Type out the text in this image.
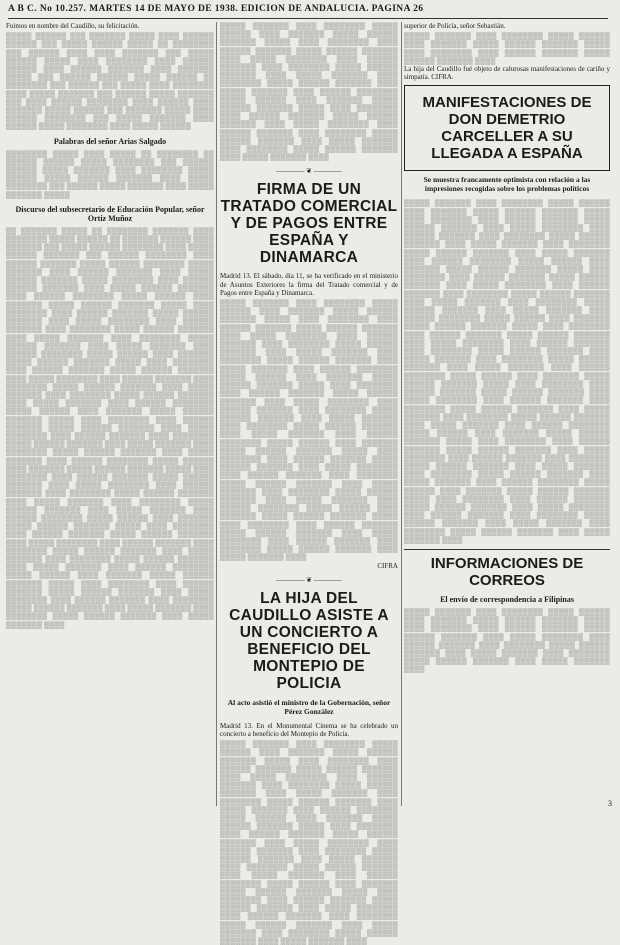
A B C. No 10.257. MARTES 14 DE MAYO DE 1938. EDICION DE ANDALUCIA. PAGINA 26

Fuimos en nombre del Caudillo, su felicitación.

▒▒▒▒▒ ▒▒▒▒▒▒ ▒▒▒ ▒▒▒▒▒▒▒ ▒▒▒▒▒ ▒▒▒▒ ▒▒▒▒▒▒ ▒▒▒▒▒▒ ▒▒▒ ▒▒▒▒▒ ▒▒▒▒▒▒ ▒▒▒▒▒ ▒▒ ▒▒▒▒▒▒▒▒ ▒▒▒ ▒▒▒▒▒▒ ▒▒▒▒ ▒▒▒▒ ▒▒▒▒▒▒▒ ▒▒▒ ▒▒▒▒▒ ▒▒▒▒▒▒ ▒▒▒▒▒ ▒▒▒▒ ▒▒▒▒▒▒▒▒ ▒▒▒▒ ▒▒▒▒▒▒ ▒▒▒▒▒▒ ▒▒▒▒ ▒▒▒▒▒▒ ▒▒▒▒▒▒▒ ▒▒▒▒ ▒▒▒▒▒▒▒ ▒▒▒▒▒ ▒▒▒ ▒▒▒▒▒▒ ▒▒▒▒▒▒ ▒▒▒▒▒ ▒▒▒▒▒▒ ▒▒ ▒▒▒▒▒▒▒▒ ▒▒▒ ▒▒▒▒▒▒ ▒▒▒ ▒▒▒▒▒ ▒▒▒▒ ▒▒▒▒▒▒▒▒ ▒▒▒▒ ▒▒▒▒▒ ▒▒▒▒▒▒▒ ▒▒▒ ▒▒▒▒▒▒ ▒▒▒▒▒ ▒▒▒▒▒▒▒ ▒▒▒ ▒▒▒▒ ▒▒▒▒▒▒ ▒▒▒▒▒▒▒▒ ▒▒▒▒ ▒▒▒▒▒▒ ▒▒▒▒ ▒▒▒▒▒▒▒ ▒▒▒▒▒ ▒▒▒▒▒▒ ▒▒▒ ▒▒▒▒▒▒▒ ▒▒▒▒▒ ▒▒▒▒ ▒▒▒▒▒▒ ▒▒▒▒▒▒▒▒ ▒▒▒ ▒▒▒▒▒ ▒▒▒▒▒▒▒ ▒▒▒▒ ▒▒▒▒▒▒ ▒▒▒▒▒ ▒▒▒▒▒▒▒▒ ▒▒▒▒ ▒▒▒▒▒ ▒▒▒▒▒▒
Palabras del señor Arias Salgado
▒▒▒▒▒▒▒▒ ▒▒▒▒▒ ▒▒▒▒ ▒▒▒▒▒ ▒▒ ▒▒▒▒▒▒▒▒ ▒▒ ▒▒▒▒▒▒ ▒▒▒▒▒▒ ▒▒▒▒▒ ▒▒▒▒▒▒▒▒ ▒▒▒ ▒▒▒▒▒▒ ▒▒▒▒▒▒ ▒▒▒▒▒ ▒▒▒▒▒▒▒ ▒▒▒▒ ▒▒▒▒▒▒▒▒ ▒▒▒▒▒ ▒▒▒▒▒▒ ▒▒▒▒▒ ▒▒▒▒▒▒ ▒▒▒▒▒▒▒ ▒▒▒▒ ▒▒▒▒▒ ▒▒▒▒▒▒▒▒ ▒▒▒ ▒▒▒▒▒▒ ▒▒▒▒▒ ▒▒▒▒▒▒▒ ▒▒▒▒ ▒▒▒▒▒ ▒▒▒▒▒▒▒ ▒▒▒▒▒
Discurso del subsecretario de Educación Popular, señor Ortiz Muñoz
▒▒ ▒▒▒▒▒▒▒ ▒▒▒▒▒ ▒▒ ▒▒▒▒▒▒▒▒ ▒▒▒▒▒▒▒ ▒▒▒▒ ▒▒▒▒▒▒▒▒ ▒▒▒▒▒ ▒▒▒▒▒▒ ▒▒ ▒▒▒▒▒▒▒ ▒▒▒▒▒▒ ▒▒▒▒ ▒▒▒▒▒▒▒ ▒▒▒ ▒▒▒▒▒ ▒▒▒▒▒▒ ▒▒▒▒▒▒▒▒ ▒▒▒▒ ▒▒▒▒▒ ▒▒▒▒▒▒ ▒▒▒▒▒▒▒ ▒▒▒ ▒▒▒▒▒▒ ▒▒▒▒▒▒▒▒ ▒▒▒▒ ▒▒▒▒▒▒ ▒▒▒▒▒▒▒ ▒▒▒▒▒ ▒▒▒▒▒▒ ▒▒▒▒▒▒▒▒ ▒▒▒▒▒ ▒▒▒▒▒▒▒ ▒▒▒▒ ▒▒▒▒▒▒ ▒▒▒▒▒▒▒ ▒▒▒▒ ▒▒▒▒▒ ▒▒▒▒▒▒ ▒▒▒▒▒▒▒ ▒▒▒▒▒ ▒▒▒▒▒▒▒▒ ▒▒▒▒ ▒▒▒▒▒▒ ▒▒▒▒▒▒ ▒▒▒▒▒▒▒ ▒▒▒▒ ▒▒▒▒▒ ▒▒▒▒▒▒ ▒▒▒▒▒▒▒ ▒▒▒▒ ▒▒▒▒▒▒ ▒▒▒▒▒▒▒▒ ▒▒▒▒▒ ▒▒▒▒▒▒ ▒▒▒▒ ▒▒▒▒▒▒▒ ▒▒▒▒▒ ▒▒▒▒▒▒ ▒▒▒▒▒▒▒ ▒▒▒▒▒ ▒▒▒▒ ▒▒▒▒▒▒▒▒ ▒▒▒▒ ▒▒▒▒▒▒ ▒▒▒▒▒▒▒ ▒▒▒▒▒ ▒▒▒▒▒▒ ▒▒▒▒▒▒▒ ▒▒▒▒ ▒▒▒▒▒ ▒▒▒▒▒▒▒▒ ▒▒▒▒ ▒▒▒▒▒▒ ▒▒▒▒▒▒▒ ▒▒▒▒ ▒▒▒▒▒▒▒▒ ▒▒▒▒▒ ▒▒▒▒▒▒ ▒▒▒▒▒▒▒ ▒▒▒▒ ▒▒▒▒▒ ▒▒▒▒▒▒▒ ▒▒▒▒ ▒▒▒▒▒▒▒▒ ▒▒▒▒▒ ▒▒▒▒▒▒ ▒▒▒▒▒▒▒ ▒▒▒▒ ▒▒▒▒▒ ▒▒▒▒▒▒▒ ▒▒▒▒ ▒▒▒▒▒▒ ▒▒▒▒▒▒▒▒ ▒▒▒▒▒ ▒▒▒▒▒▒ ▒▒▒▒ ▒▒▒▒▒▒▒ ▒▒▒▒▒ ▒▒▒▒▒▒ ▒▒▒▒▒▒▒ ▒▒▒▒▒ ▒▒▒▒ ▒▒▒▒▒▒▒▒ ▒▒▒▒ ▒▒▒▒▒▒ ▒▒▒▒▒▒▒ ▒▒▒▒▒ ▒▒▒▒▒▒ ▒▒▒▒▒▒▒ ▒▒▒▒ ▒▒▒▒▒ ▒▒▒▒▒▒▒▒ ▒▒▒▒ ▒▒▒▒▒▒ ▒▒▒▒▒▒▒ ▒▒▒▒ ▒▒▒▒▒▒▒▒ ▒▒▒▒▒ ▒▒▒▒▒▒ ▒▒▒▒▒▒▒ ▒▒▒▒ ▒▒▒▒▒ ▒▒▒▒▒▒▒ ▒▒▒▒ ▒▒▒▒▒▒▒▒ ▒▒▒▒▒ ▒▒▒▒▒▒ ▒▒▒▒▒▒▒ ▒▒▒▒ ▒▒▒▒▒ ▒▒▒▒▒▒▒ ▒▒▒▒ ▒▒▒▒▒▒ ▒▒▒▒▒▒▒▒ ▒▒▒▒▒ ▒▒▒▒▒▒ ▒▒▒▒ ▒▒▒▒▒▒▒ ▒▒▒▒▒ ▒▒▒▒▒▒ ▒▒▒▒▒▒▒ ▒▒▒▒▒ ▒▒▒▒ ▒▒▒▒▒▒▒▒ ▒▒▒▒ ▒▒▒▒▒▒ ▒▒▒▒▒▒▒ ▒▒▒▒▒ ▒▒▒▒▒▒ ▒▒▒▒▒▒▒ ▒▒▒▒ ▒▒▒▒▒ ▒▒▒▒▒▒▒▒ ▒▒▒▒ ▒▒▒▒▒▒ ▒▒▒▒▒▒▒ ▒▒▒▒ ▒▒▒▒▒▒▒▒ ▒▒▒▒▒ ▒▒▒▒▒▒ ▒▒▒▒▒▒▒ ▒▒▒▒ ▒▒▒▒▒ ▒▒▒▒▒▒▒ ▒▒▒▒ ▒▒▒▒▒▒▒▒ ▒▒▒▒▒ ▒▒▒▒▒▒ ▒▒▒▒▒▒▒ ▒▒▒▒ ▒▒▒▒▒ ▒▒▒▒▒▒▒ ▒▒▒▒ ▒▒▒▒▒▒ ▒▒▒▒▒▒▒▒ ▒▒▒▒▒ ▒▒▒▒▒▒ ▒▒▒▒ ▒▒▒▒▒▒▒ ▒▒▒▒▒ ▒▒▒▒▒▒ ▒▒▒▒▒▒▒ ▒▒▒▒▒ ▒▒▒▒ ▒▒▒▒▒▒▒▒ ▒▒▒▒ ▒▒▒▒▒▒ ▒▒▒▒▒▒▒ ▒▒▒▒▒ ▒▒▒▒▒▒ ▒▒▒▒▒▒▒ ▒▒▒▒ ▒▒▒▒▒ ▒▒▒▒▒▒▒▒ ▒▒▒▒ ▒▒▒▒▒▒ ▒▒▒▒▒▒▒ ▒▒▒▒ ▒▒▒▒▒▒▒▒ ▒▒▒▒▒ ▒▒▒▒▒▒ ▒▒▒▒▒▒▒ ▒▒▒▒ ▒▒▒▒▒ ▒▒▒▒▒▒▒ ▒▒▒▒ ▒▒▒▒▒▒▒▒ ▒▒▒▒▒ ▒▒▒▒▒▒ ▒▒▒▒▒▒▒ ▒▒▒▒ ▒▒▒▒▒ ▒▒▒▒▒▒▒ ▒▒▒▒ ▒▒▒▒▒▒ ▒▒▒▒▒▒▒▒ ▒▒▒▒▒ ▒▒▒▒▒▒ ▒▒▒▒ ▒▒▒▒▒▒▒ ▒▒▒▒▒ ▒▒▒▒▒▒ ▒▒▒▒▒▒▒ ▒▒▒▒▒ ▒▒▒▒ ▒▒▒▒▒▒▒▒ ▒▒▒▒ ▒▒▒▒▒▒ ▒▒▒▒▒▒▒ ▒▒▒▒▒ ▒▒▒▒▒▒ ▒▒▒▒▒▒▒ ▒▒▒▒ ▒▒▒▒▒ ▒▒▒▒▒▒▒▒ ▒▒▒▒ ▒▒▒▒▒▒ ▒▒▒▒▒▒▒ ▒▒▒▒ ▒▒▒▒▒▒▒▒ ▒▒▒▒▒ ▒▒▒▒▒▒ ▒▒▒▒▒▒▒ ▒▒▒▒ ▒▒▒▒▒ ▒▒▒▒▒▒▒ ▒▒▒▒ ▒▒▒▒▒▒▒▒ ▒▒▒▒▒ ▒▒▒▒▒▒ ▒▒▒▒▒▒▒ ▒▒▒▒ ▒▒▒▒▒ ▒▒▒▒▒▒▒ ▒▒▒▒ ▒▒▒▒▒▒ ▒▒▒▒▒▒▒▒ ▒▒▒▒▒ ▒▒▒▒▒▒ ▒▒▒▒ ▒▒▒▒▒▒▒ ▒▒▒▒▒ ▒▒▒▒▒▒ ▒▒▒▒▒▒▒ ▒▒▒▒▒ ▒▒▒▒ ▒▒▒▒▒▒▒▒ ▒▒▒▒ ▒▒▒▒▒▒ ▒▒▒▒▒▒▒ ▒▒▒▒▒ ▒▒▒▒▒▒ ▒▒▒▒▒▒▒ ▒▒▒▒ ▒▒▒▒▒ ▒▒▒▒▒▒▒▒ ▒▒▒▒ ▒▒▒▒▒▒ ▒▒▒▒▒▒▒ ▒▒▒▒ ▒▒▒▒▒▒▒▒ ▒▒▒▒▒ ▒▒▒▒▒▒ ▒▒▒▒▒▒▒ ▒▒▒▒ ▒▒▒▒▒ ▒▒▒▒▒▒▒ ▒▒▒▒ ▒▒▒▒▒▒▒▒ ▒▒▒▒▒ ▒▒▒▒▒▒ ▒▒▒▒▒▒▒ ▒▒▒▒ ▒▒▒▒▒ ▒▒▒▒▒▒▒ ▒▒▒▒
▒▒▒▒▒ ▒▒▒▒▒▒▒ ▒▒▒▒ ▒▒▒▒▒▒▒▒ ▒▒▒▒▒ ▒▒▒▒▒▒ ▒▒▒▒ ▒▒▒▒▒▒▒ ▒▒▒▒▒ ▒▒▒▒▒▒ ▒▒▒▒▒▒▒ ▒▒▒▒▒ ▒▒▒▒ ▒▒▒▒▒▒▒▒ ▒▒▒▒ ▒▒▒▒▒▒ ▒▒▒▒▒▒▒ ▒▒▒▒▒ ▒▒▒▒▒▒ ▒▒▒▒▒▒▒ ▒▒▒▒ ▒▒▒▒▒ ▒▒▒▒▒▒▒▒ ▒▒▒▒ ▒▒▒▒▒▒ ▒▒▒▒▒▒▒ ▒▒▒▒ ▒▒▒▒▒▒▒▒ ▒▒▒▒▒ ▒▒▒▒▒▒ ▒▒▒▒▒▒▒ ▒▒▒▒ ▒▒▒▒▒ ▒▒▒▒▒▒▒ ▒▒▒▒ ▒▒▒▒▒▒▒▒ ▒▒▒▒▒ ▒▒▒▒▒▒ ▒▒▒▒▒▒▒ ▒▒▒▒ ▒▒▒▒▒ ▒▒▒▒▒▒▒ ▒▒▒▒ ▒▒▒▒▒▒ ▒▒▒▒▒▒▒▒ ▒▒▒▒▒ ▒▒▒▒▒▒ ▒▒▒▒ ▒▒▒▒▒▒▒ ▒▒▒▒▒ ▒▒▒▒▒▒ ▒▒▒▒▒▒▒ ▒▒▒▒▒ ▒▒▒▒ ▒▒▒▒▒▒▒▒ ▒▒▒▒ ▒▒▒▒▒▒ ▒▒▒▒▒▒▒ ▒▒▒▒▒ ▒▒▒▒▒▒ ▒▒▒▒▒▒▒ ▒▒▒▒ ▒▒▒▒▒ ▒▒▒▒▒▒▒▒ ▒▒▒▒ ▒▒▒▒▒▒ ▒▒▒▒▒▒▒ ▒▒▒▒ ▒▒▒▒▒▒▒▒ ▒▒▒▒▒ ▒▒▒▒▒▒ ▒▒▒▒▒▒▒ ▒▒▒▒ ▒▒▒▒▒ ▒▒▒▒▒▒▒ ▒▒▒▒ ▒▒▒▒▒▒▒▒ ▒▒▒▒▒ ▒▒▒▒▒▒ ▒▒▒▒▒▒▒ ▒▒▒▒ ▒▒▒▒▒ ▒▒▒▒▒▒▒ ▒▒▒▒
———— ❦ ————
FIRMA DE UN TRATADO COMERCIAL Y DE PAGOS ENTRE ESPAÑA Y DINAMARCA

Madrid 13. El sábado, día 11, se ha verificado en el ministerio de Asuntos Exteriores la firma del Tratado comercial y de Pagos entre España y Dinamarca.

▒▒▒▒▒ ▒▒▒▒▒▒▒ ▒▒▒▒ ▒▒▒▒▒▒▒▒ ▒▒▒▒▒ ▒▒▒▒▒▒ ▒▒▒▒ ▒▒▒▒▒▒▒ ▒▒▒▒▒ ▒▒▒▒▒▒ ▒▒▒▒▒▒▒ ▒▒▒▒▒ ▒▒▒▒ ▒▒▒▒▒▒▒▒ ▒▒▒▒ ▒▒▒▒▒▒ ▒▒▒▒▒▒▒ ▒▒▒▒▒ ▒▒▒▒▒▒ ▒▒▒▒▒▒▒ ▒▒▒▒ ▒▒▒▒▒ ▒▒▒▒▒▒▒▒ ▒▒▒▒ ▒▒▒▒▒▒ ▒▒▒▒▒▒▒ ▒▒▒▒ ▒▒▒▒▒▒▒▒ ▒▒▒▒▒ ▒▒▒▒▒▒ ▒▒▒▒▒▒▒ ▒▒▒▒ ▒▒▒▒▒ ▒▒▒▒▒▒▒ ▒▒▒▒ ▒▒▒▒▒▒▒▒ ▒▒▒▒▒ ▒▒▒▒▒▒ ▒▒▒▒▒▒▒ ▒▒▒▒ ▒▒▒▒▒ ▒▒▒▒▒▒▒ ▒▒▒▒ ▒▒▒▒▒▒ ▒▒▒▒▒▒▒▒ ▒▒▒▒▒ ▒▒▒▒▒▒ ▒▒▒▒ ▒▒▒▒▒▒▒ ▒▒▒▒▒ ▒▒▒▒▒▒ ▒▒▒▒▒▒▒ ▒▒▒▒▒ ▒▒▒▒ ▒▒▒▒▒▒▒▒ ▒▒▒▒ ▒▒▒▒▒▒ ▒▒▒▒▒▒▒ ▒▒▒▒▒ ▒▒▒▒▒▒ ▒▒▒▒▒▒▒ ▒▒▒▒ ▒▒▒▒▒ ▒▒▒▒▒▒▒▒ ▒▒▒▒ ▒▒▒▒▒▒ ▒▒▒▒▒▒▒ ▒▒▒▒ ▒▒▒▒▒▒▒▒ ▒▒▒▒▒ ▒▒▒▒▒▒ ▒▒▒▒▒▒▒ ▒▒▒▒ ▒▒▒▒▒ ▒▒▒▒▒▒▒ ▒▒▒▒ ▒▒▒▒▒▒▒▒ ▒▒▒▒▒ ▒▒▒▒▒▒ ▒▒▒▒▒▒▒ ▒▒▒▒ ▒▒▒▒▒ ▒▒▒▒▒▒▒ ▒▒▒▒ ▒▒▒▒▒▒ ▒▒▒▒▒▒▒▒ ▒▒▒▒▒ ▒▒▒▒▒▒ ▒▒▒▒ ▒▒▒▒▒▒▒ ▒▒▒▒▒ ▒▒▒▒▒▒ ▒▒▒▒▒▒▒ ▒▒▒▒▒ ▒▒▒▒ ▒▒▒▒▒▒▒▒ ▒▒▒▒ ▒▒▒▒▒▒ ▒▒▒▒▒▒▒ ▒▒▒▒▒ ▒▒▒▒▒▒ ▒▒▒▒▒▒▒ ▒▒▒▒ ▒▒▒▒▒ ▒▒▒▒▒▒▒▒ ▒▒▒▒ ▒▒▒▒▒▒ ▒▒▒▒▒▒▒ ▒▒▒▒ ▒▒▒▒▒▒▒▒ ▒▒▒▒▒ ▒▒▒▒▒▒ ▒▒▒▒▒▒▒ ▒▒▒▒ ▒▒▒▒▒ ▒▒▒▒▒▒▒ ▒▒▒▒ ▒▒▒▒▒▒▒▒ ▒▒▒▒▒ ▒▒▒▒▒▒ ▒▒▒▒▒▒▒ ▒▒▒▒ ▒▒▒▒▒ ▒▒▒▒▒▒▒ ▒▒▒▒ ▒▒▒▒▒▒ ▒▒▒▒▒▒▒▒ ▒▒▒▒▒ ▒▒▒▒▒▒ ▒▒▒▒ ▒▒▒▒▒▒▒ ▒▒▒▒▒ ▒▒▒▒▒▒ ▒▒▒▒▒▒▒ ▒▒▒▒▒ ▒▒▒▒ ▒▒▒▒▒▒▒▒ ▒▒▒▒ ▒▒▒▒▒▒ ▒▒▒▒▒▒▒ ▒▒▒▒▒ ▒▒▒▒▒▒ ▒▒▒▒▒▒▒ ▒▒▒▒ ▒▒▒▒▒ ▒▒▒▒▒▒▒▒ ▒▒▒▒ ▒▒▒▒▒▒ ▒▒▒▒▒▒▒ ▒▒▒▒ ▒▒▒▒▒▒▒▒ ▒▒▒▒▒ ▒▒▒▒▒▒ ▒▒▒▒▒▒▒ ▒▒▒▒ ▒▒▒▒▒ ▒▒▒▒▒▒▒ ▒▒▒▒

CIFRA

———— ❦ ————
LA HIJA DEL CAUDILLO ASISTE A UN CONCIERTO A BENEFICIO DEL MONTEPIO DE POLICIA
Al acto asistió el ministro de la Gobernación, señor Pérez González

Madrid 13. En el Monumental Cinema se ha celebrado un concierto a beneficio del Montepío de Policía.

▒▒▒▒▒ ▒▒▒▒▒▒▒ ▒▒▒▒ ▒▒▒▒▒▒▒▒ ▒▒▒▒▒ ▒▒▒▒▒▒ ▒▒▒▒ ▒▒▒▒▒▒▒ ▒▒▒▒▒ ▒▒▒▒▒▒ ▒▒▒▒▒▒▒ ▒▒▒▒▒ ▒▒▒▒ ▒▒▒▒▒▒▒▒ ▒▒▒▒ ▒▒▒▒▒▒ ▒▒▒▒▒▒▒ ▒▒▒▒▒ ▒▒▒▒▒▒ ▒▒▒▒▒▒▒ ▒▒▒▒ ▒▒▒▒▒ ▒▒▒▒▒▒▒▒ ▒▒▒▒ ▒▒▒▒▒▒ ▒▒▒▒▒▒▒ ▒▒▒▒ ▒▒▒▒▒▒▒▒ ▒▒▒▒▒ ▒▒▒▒▒▒ ▒▒▒▒▒▒▒ ▒▒▒▒ ▒▒▒▒▒ ▒▒▒▒▒▒▒ ▒▒▒▒ ▒▒▒▒▒▒▒▒ ▒▒▒▒▒ ▒▒▒▒▒▒ ▒▒▒▒▒▒▒ ▒▒▒▒ ▒▒▒▒▒ ▒▒▒▒▒▒▒ ▒▒▒▒ ▒▒▒▒▒▒ ▒▒▒▒▒▒▒▒ ▒▒▒▒▒ ▒▒▒▒▒▒ ▒▒▒▒ ▒▒▒▒▒▒▒ ▒▒▒▒▒ ▒▒▒▒▒▒ ▒▒▒▒▒▒▒ ▒▒▒▒▒ ▒▒▒▒ ▒▒▒▒▒▒▒▒ ▒▒▒▒ ▒▒▒▒▒▒ ▒▒▒▒▒▒▒ ▒▒▒▒▒ ▒▒▒▒▒▒ ▒▒▒▒▒▒▒ ▒▒▒▒ ▒▒▒▒▒ ▒▒▒▒▒▒▒▒ ▒▒▒▒ ▒▒▒▒▒▒ ▒▒▒▒▒▒▒ ▒▒▒▒ ▒▒▒▒▒▒▒▒ ▒▒▒▒▒ ▒▒▒▒▒▒ ▒▒▒▒▒▒▒ ▒▒▒▒ ▒▒▒▒▒ ▒▒▒▒▒▒▒ ▒▒▒▒ ▒▒▒▒▒▒▒▒ ▒▒▒▒▒ ▒▒▒▒▒▒ ▒▒▒▒▒▒▒ ▒▒▒▒ ▒▒▒▒▒ ▒▒▒▒▒▒▒ ▒▒▒▒ ▒▒▒▒▒▒ ▒▒▒▒▒▒▒▒ ▒▒▒▒▒ ▒▒▒▒▒▒ ▒▒▒▒ ▒▒▒▒▒▒▒ ▒▒▒▒▒ ▒▒▒▒▒▒ ▒▒▒▒▒▒▒ ▒▒▒▒▒ ▒▒▒▒ ▒▒▒▒▒▒▒▒ ▒▒▒▒ ▒▒▒▒▒▒ ▒▒▒▒▒▒▒ ▒▒▒▒▒ ▒▒▒▒▒▒ ▒▒▒▒▒▒▒ ▒▒▒▒ ▒▒▒▒▒ ▒▒▒▒▒▒▒▒ ▒▒▒▒ ▒▒▒▒▒▒ ▒▒▒▒▒▒▒ ▒▒▒▒ ▒▒▒▒▒▒▒▒ ▒▒▒▒▒ ▒▒▒▒▒▒ ▒▒▒▒▒▒▒ ▒▒▒▒ ▒▒▒▒▒ ▒▒▒▒▒▒▒ ▒▒▒▒ ▒▒▒▒▒▒▒▒ ▒▒▒▒▒ ▒▒▒▒▒▒ ▒▒▒▒▒▒▒ ▒▒▒▒ ▒▒▒▒▒ ▒▒▒▒▒▒▒ ▒▒▒▒

superior de Policía, señor Sebastián.

▒▒▒▒▒ ▒▒▒▒▒▒▒ ▒▒▒▒ ▒▒▒▒▒▒▒▒ ▒▒▒▒▒ ▒▒▒▒▒▒ ▒▒▒▒ ▒▒▒▒▒▒▒ ▒▒▒▒▒ ▒▒▒▒▒▒ ▒▒▒▒▒▒▒ ▒▒▒▒▒ ▒▒▒▒ ▒▒▒▒▒▒▒▒ ▒▒▒▒ ▒▒▒▒▒▒ ▒▒▒▒▒▒▒ ▒▒▒▒▒ ▒▒▒▒▒▒ ▒▒▒▒▒▒▒ ▒▒▒▒

La hija del Caudillo fué objeto de calurosas manifestaciones de cariño y simpatía. CIFRA.

MANIFESTACIONES DE DON DEMETRIO CARCELLER A SU LLEGADA A ESPAÑA
Se muestra francamente optimista con relación a las impresiones recogidas sobre los problemas políticos
▒▒▒▒▒ ▒▒▒▒▒▒▒ ▒▒▒▒ ▒▒▒▒▒▒▒▒ ▒▒▒▒▒ ▒▒▒▒▒▒ ▒▒▒▒ ▒▒▒▒▒▒▒ ▒▒▒▒▒ ▒▒▒▒▒▒ ▒▒▒▒▒▒▒ ▒▒▒▒▒ ▒▒▒▒ ▒▒▒▒▒▒▒▒ ▒▒▒▒ ▒▒▒▒▒▒ ▒▒▒▒▒▒▒ ▒▒▒▒▒ ▒▒▒▒▒▒ ▒▒▒▒▒▒▒ ▒▒▒▒ ▒▒▒▒▒ ▒▒▒▒▒▒▒▒ ▒▒▒▒ ▒▒▒▒▒▒ ▒▒▒▒▒▒▒ ▒▒▒▒ ▒▒▒▒▒▒▒▒ ▒▒▒▒▒ ▒▒▒▒▒▒ ▒▒▒▒▒▒▒ ▒▒▒▒ ▒▒▒▒▒ ▒▒▒▒▒▒▒ ▒▒▒▒ ▒▒▒▒▒▒▒▒ ▒▒▒▒▒ ▒▒▒▒▒▒ ▒▒▒▒▒▒▒ ▒▒▒▒ ▒▒▒▒▒ ▒▒▒▒▒▒▒ ▒▒▒▒ ▒▒▒▒▒▒ ▒▒▒▒▒▒▒▒ ▒▒▒▒▒ ▒▒▒▒▒▒ ▒▒▒▒ ▒▒▒▒▒▒▒ ▒▒▒▒▒ ▒▒▒▒▒▒ ▒▒▒▒▒▒▒ ▒▒▒▒▒ ▒▒▒▒ ▒▒▒▒▒▒▒▒ ▒▒▒▒ ▒▒▒▒▒▒ ▒▒▒▒▒▒▒ ▒▒▒▒▒ ▒▒▒▒▒▒ ▒▒▒▒▒▒▒ ▒▒▒▒ ▒▒▒▒▒ ▒▒▒▒▒▒▒▒ ▒▒▒▒ ▒▒▒▒▒▒ ▒▒▒▒▒▒▒ ▒▒▒▒ ▒▒▒▒▒▒▒▒ ▒▒▒▒▒ ▒▒▒▒▒▒ ▒▒▒▒▒▒▒ ▒▒▒▒ ▒▒▒▒▒ ▒▒▒▒▒▒▒ ▒▒▒▒ ▒▒▒▒▒▒▒▒ ▒▒▒▒▒ ▒▒▒▒▒▒ ▒▒▒▒▒▒▒ ▒▒▒▒ ▒▒▒▒▒ ▒▒▒▒▒▒▒ ▒▒▒▒ ▒▒▒▒▒▒ ▒▒▒▒▒▒▒▒ ▒▒▒▒▒ ▒▒▒▒▒▒ ▒▒▒▒ ▒▒▒▒▒▒▒ ▒▒▒▒▒ ▒▒▒▒▒▒ ▒▒▒▒▒▒▒ ▒▒▒▒▒ ▒▒▒▒ ▒▒▒▒▒▒▒▒ ▒▒▒▒ ▒▒▒▒▒▒ ▒▒▒▒▒▒▒ ▒▒▒▒▒ ▒▒▒▒▒▒ ▒▒▒▒▒▒▒ ▒▒▒▒ ▒▒▒▒▒ ▒▒▒▒▒▒▒▒ ▒▒▒▒ ▒▒▒▒▒▒ ▒▒▒▒▒▒▒ ▒▒▒▒ ▒▒▒▒▒▒▒▒ ▒▒▒▒▒ ▒▒▒▒▒▒ ▒▒▒▒▒▒▒ ▒▒▒▒ ▒▒▒▒▒ ▒▒▒▒▒▒▒ ▒▒▒▒ ▒▒▒▒▒▒▒▒ ▒▒▒▒▒ ▒▒▒▒▒▒ ▒▒▒▒▒▒▒ ▒▒▒▒ ▒▒▒▒▒ ▒▒▒▒▒▒▒ ▒▒▒▒ ▒▒▒▒▒▒ ▒▒▒▒▒▒▒▒ ▒▒▒▒▒ ▒▒▒▒▒▒ ▒▒▒▒ ▒▒▒▒▒▒▒ ▒▒▒▒▒ ▒▒▒▒▒▒ ▒▒▒▒▒▒▒ ▒▒▒▒▒ ▒▒▒▒ ▒▒▒▒▒▒▒▒ ▒▒▒▒ ▒▒▒▒▒▒ ▒▒▒▒▒▒▒ ▒▒▒▒▒ ▒▒▒▒▒▒ ▒▒▒▒▒▒▒ ▒▒▒▒ ▒▒▒▒▒ ▒▒▒▒▒▒▒▒ ▒▒▒▒ ▒▒▒▒▒▒ ▒▒▒▒▒▒▒ ▒▒▒▒ ▒▒▒▒▒▒▒▒ ▒▒▒▒▒ ▒▒▒▒▒▒ ▒▒▒▒▒▒▒ ▒▒▒▒ ▒▒▒▒▒ ▒▒▒▒▒▒▒ ▒▒▒▒ ▒▒▒▒▒▒▒▒ ▒▒▒▒▒ ▒▒▒▒▒▒ ▒▒▒▒▒▒▒ ▒▒▒▒ ▒▒▒▒▒ ▒▒▒▒▒▒▒ ▒▒▒▒ ▒▒▒▒▒▒ ▒▒▒▒▒▒▒▒ ▒▒▒▒▒ ▒▒▒▒▒▒ ▒▒▒▒ ▒▒▒▒▒▒▒ ▒▒▒▒▒ ▒▒▒▒▒▒ ▒▒▒▒▒▒▒ ▒▒▒▒▒ ▒▒▒▒ ▒▒▒▒▒▒▒▒ ▒▒▒▒ ▒▒▒▒▒▒ ▒▒▒▒▒▒▒ ▒▒▒▒▒ ▒▒▒▒▒▒ ▒▒▒▒▒▒▒ ▒▒▒▒ ▒▒▒▒▒ ▒▒▒▒▒▒▒▒ ▒▒▒▒ ▒▒▒▒▒▒ ▒▒▒▒▒▒▒ ▒▒▒▒ ▒▒▒▒▒▒▒▒ ▒▒▒▒▒ ▒▒▒▒▒▒ ▒▒▒▒▒▒▒ ▒▒▒▒ ▒▒▒▒▒ ▒▒▒▒▒▒▒ ▒▒▒▒ ▒▒▒▒▒▒▒▒ ▒▒▒▒▒ ▒▒▒▒▒▒ ▒▒▒▒▒▒▒ ▒▒▒▒ ▒▒▒▒▒ ▒▒▒▒▒▒▒ ▒▒▒▒ ▒▒▒▒▒▒ ▒▒▒▒▒▒▒▒ ▒▒▒▒▒ ▒▒▒▒▒▒ ▒▒▒▒ ▒▒▒▒▒▒▒ ▒▒▒▒▒ ▒▒▒▒▒▒ ▒▒▒▒▒▒▒ ▒▒▒▒▒ ▒▒▒▒ ▒▒▒▒▒▒▒▒ ▒▒▒▒ ▒▒▒▒▒▒ ▒▒▒▒▒▒▒ ▒▒▒▒▒ ▒▒▒▒▒▒ ▒▒▒▒▒▒▒ ▒▒▒▒ ▒▒▒▒▒ ▒▒▒▒▒▒▒▒ ▒▒▒▒ ▒▒▒▒▒▒ ▒▒▒▒▒▒▒ ▒▒▒▒ ▒▒▒▒▒▒▒▒ ▒▒▒▒▒ ▒▒▒▒▒▒ ▒▒▒▒▒▒▒ ▒▒▒▒ ▒▒▒▒▒ ▒▒▒▒▒▒▒ ▒▒▒▒ ▒▒▒▒▒▒▒▒ ▒▒▒▒▒ ▒▒▒▒▒▒ ▒▒▒▒▒▒▒ ▒▒▒▒ ▒▒▒▒▒ ▒▒▒▒▒▒▒ ▒▒▒▒
INFORMACIONES DE CORREOS
El envío de correspondencia a Filipinas
▒▒▒▒▒ ▒▒▒▒▒▒▒ ▒▒▒▒ ▒▒▒▒▒▒▒▒ ▒▒▒▒▒ ▒▒▒▒▒▒ ▒▒▒▒ ▒▒▒▒▒▒▒ ▒▒▒▒▒ ▒▒▒▒▒▒ ▒▒▒▒▒▒▒ ▒▒▒▒▒ ▒▒▒▒ ▒▒▒▒▒▒▒▒ ▒▒▒▒ ▒▒▒▒▒▒ ▒▒▒▒▒▒▒ ▒▒▒▒▒ ▒▒▒▒▒▒ ▒▒▒▒▒▒▒ ▒▒▒▒ ▒▒▒▒▒ ▒▒▒▒▒▒▒▒ ▒▒▒▒ ▒▒▒▒▒▒ ▒▒▒▒▒▒▒ ▒▒▒▒ ▒▒▒▒▒▒▒▒ ▒▒▒▒▒ ▒▒▒▒▒▒ ▒▒▒▒▒▒▒ ▒▒▒▒ ▒▒▒▒▒ ▒▒▒▒▒▒▒ ▒▒▒▒ ▒▒▒▒▒▒▒▒ ▒▒▒▒▒ ▒▒▒▒▒▒ ▒▒▒▒▒▒▒ ▒▒▒▒ ▒▒▒▒▒ ▒▒▒▒▒▒▒ ▒▒▒▒
3
